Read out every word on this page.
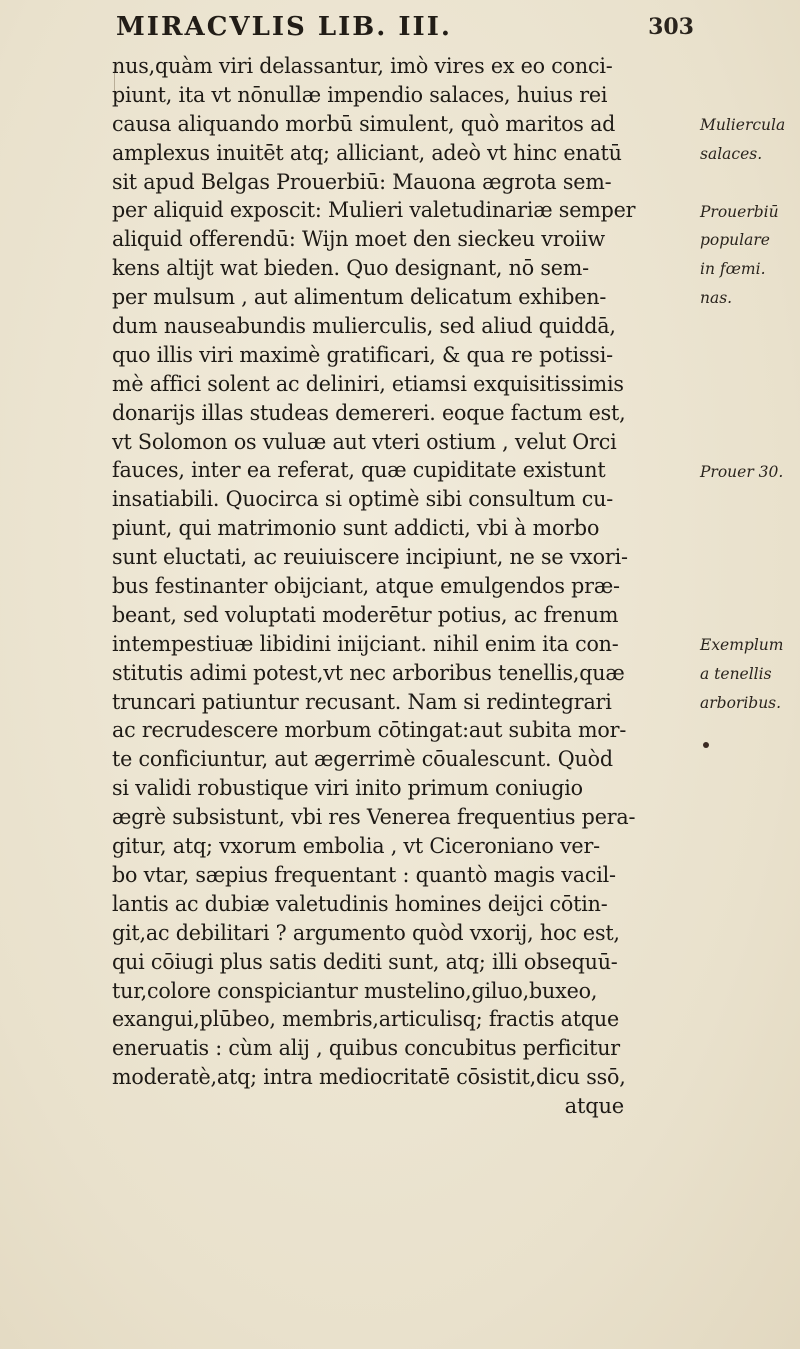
MIRACVLIS LIB. III.	303
nus,quàm viri delassantur, imò vires ex eo conci-
piunt, ita vt nōnullæ impendio salaces, huius rei
causa aliquando morbū simulent, quò maritos ad
amplexus inuitēt atq; alliciant, adeò vt hinc enatū
sit apud Belgas Prouerbiū: Mauona ægrota sem-
per aliquid exposcit: Mulieri valetudinariæ semper
aliquid offerendū: Wijn moet den sieckeu vroiiw
kens altijt wat bieden. Quo designant, nō sem-
per mulsum , aut alimentum delicatum exhiben-
dum nauseabundis mulierculis, sed aliud quiddā,
quo illis viri maximè gratificari, & qua re potissi-
mè affici solent ac deliniri, etiamsi exquisitissimis
donarijs illas studeas demereri. eoque factum est,
vt Solomon os vuluæ aut vteri ostium , velut Orci
fauces, inter ea referat, quæ cupiditate existunt
insatiabili. Quocirca si optimè sibi consultum cu-
piunt, qui matrimonio sunt addicti, vbi à morbo
sunt eluctati, ac reuiuiscere incipiunt, ne se vxori-
bus festinanter obijciant, atque emulgendos præ-
beant, sed voluptati moderētur potius, ac frenum
intempestiuæ libidini inijciant. nihil enim ita con-
stitutis adimi potest,vt nec arboribus tenellis,quæ
truncari patiuntur recusant. Nam si redintegrari
ac recrudescere morbum cōtingat:aut subita mor-
te conficiuntur, aut ægerrimè cōualescunt. Quòd
si validi robustique viri inito primum coniugio
ægrè subsistunt, vbi res Venerea frequentius pera-
gitur, atq; vxorum embolia , vt Ciceroniano ver-
bo vtar, sæpius frequentant : quantò magis vacil-
lantis ac dubiæ valetudinis homines deijci cōtin-
git,ac debilitari ? argumento quòd vxorij, hoc est,
qui cōiugi plus satis dediti sunt, atq; illi obsequū-
tur,colore conspiciantur mustelino,giluo,buxeo,
exangui,plūbeo, membris,articulisq; fractis atque
eneruatis : cùm alij , quibus concubitus perficitur
moderatè,atq; intra mediocritatē cōsistit,dicu ssō,
atque
Muliercula
salaces.
Prouerbiū
populare
in fœmi.
nas.
Prouer 30.
Exemplum
a tenellis
arboribus.
